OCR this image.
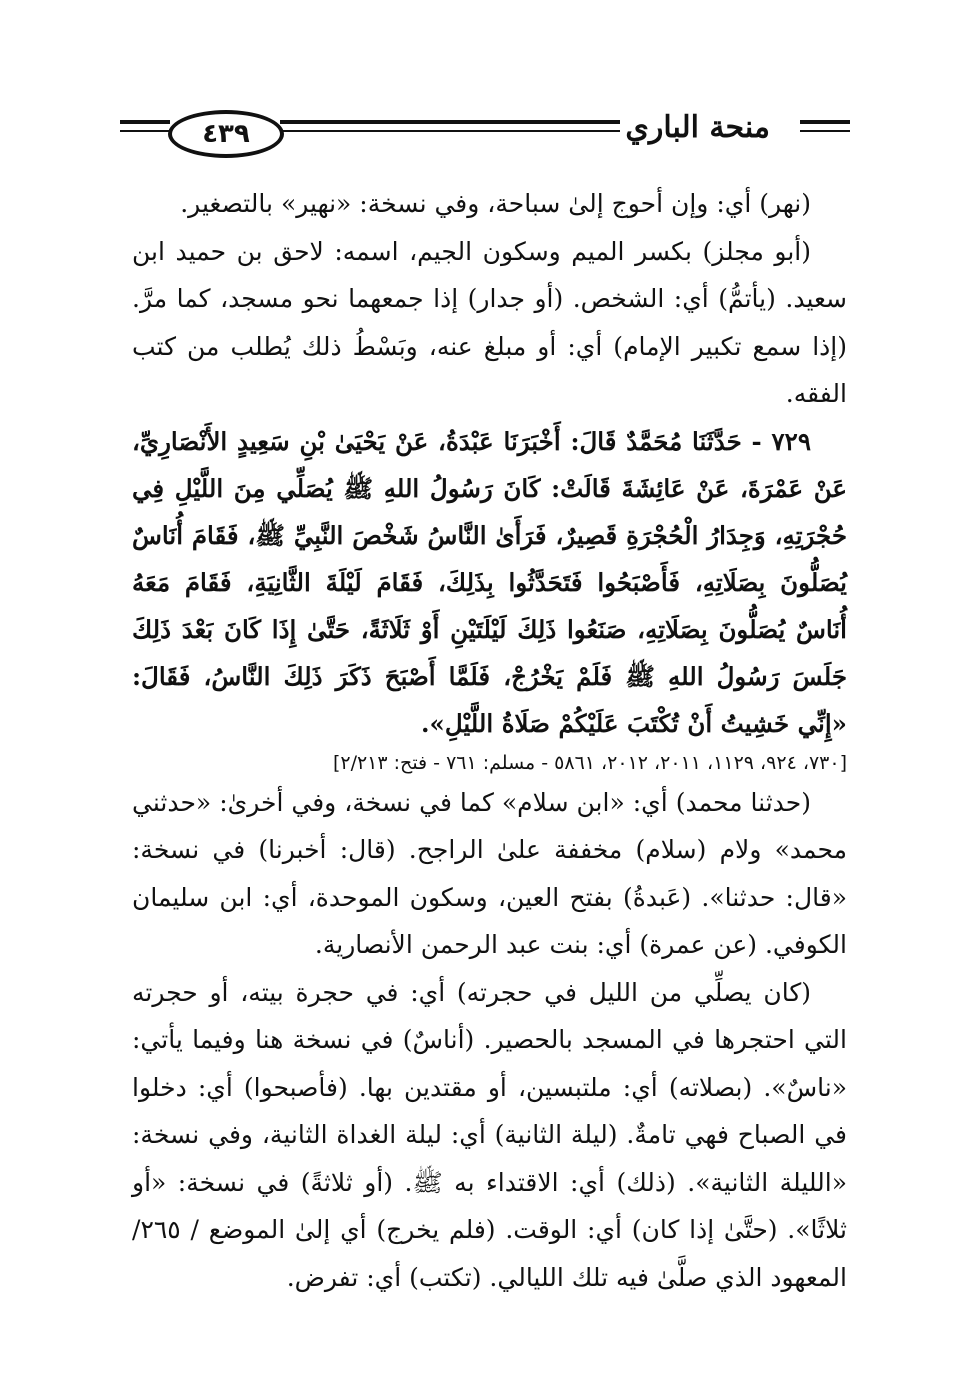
منحة الباري
٤٣٩

(نهر) أي: وإن أحوج إلىٰ سباحة، وفي نسخة: «نهير» بالتصغير.

(أبو مجلز) بكسر الميم وسكون الجيم، اسمه: لاحق بن حميد ابن سعيد. (يأتمُّ) أي: الشخص. (أو جدار) إذا جمعهما نحو مسجد، كما مرَّ. (إذا سمع تكبير الإمام) أي: أو مبلغ عنه، وبَسْطُ ذلك يُطلب من كتب الفقه.

٧٢٩ - حَدَّثَنَا مُحَمَّدٌ قَالَ: أَخْبَرَنَا عَبْدَةُ، عَنْ يَحْيَىٰ بْنِ سَعِيدٍ الأَنْصَارِيِّ، عَنْ عَمْرَةَ، عَنْ عَائِشَةَ قَالَتْ: كَانَ رَسُولُ اللهِ ﷺ يُصَلِّي مِنَ اللَّيْلِ فِي حُجْرَتِهِ، وَجِدَارُ الْحُجْرَةِ قَصِيرٌ، فَرَأَىٰ النَّاسُ شَخْصَ النَّبِيِّ ﷺ، فَقَامَ أُنَاسٌ يُصَلُّونَ بِصَلَاتِهِ، فَأَصْبَحُوا فَتَحَدَّثُوا بِذَلِكَ، فَقَامَ لَيْلَةَ الثَّانِيَةِ، فَقَامَ مَعَهُ أُنَاسٌ يُصَلُّونَ بِصَلَاتِهِ، صَنَعُوا ذَلِكَ لَيْلَتَيْنِ أَوْ ثَلَاثَةً، حَتَّىٰ إِذَا كَانَ بَعْدَ ذَلِكَ جَلَسَ رَسُولُ اللهِ ﷺ فَلَمْ يَخْرُجْ، فَلَمَّا أَصْبَحَ ذَكَرَ ذَلِكَ النَّاسُ، فَقَالَ: «إِنِّي خَشِيتُ أَنْ تُكْتَبَ عَلَيْكُمْ صَلَاةُ اللَّيْلِ».

[٧٣٠، ٩٢٤، ١١٢٩، ٢٠١١، ٢٠١٢، ٥٨٦١ - مسلم: ٧٦١ - فتح: ٢/٢١٣]

(حدثنا محمد) أي: «ابن سلام» كما في نسخة، وفي أخرىٰ: «حدثني محمد» ولام (سلام) مخففة علىٰ الراجح. (قال: أخبرنا) في نسخة: «قال: حدثنا». (عَبدةُ) بفتح العين، وسكون الموحدة، أي: ابن سليمان الكوفي. (عن عمرة) أي: بنت عبد الرحمن الأنصارية.

(كان يصلِّي من الليل في حجرته) أي: في حجرة بيته، أو حجرته التي احتجرها في المسجد بالحصير. (أناسٌ) في نسخة هنا وفيما يأتي: «ناسٌ». (بصلاته) أي: ملتبسين، أو مقتدين بها. (فأصبحوا) أي: دخلوا في الصباح فهي تامةٌ. (ليلة الثانية) أي: ليلة الغداة الثانية، وفي نسخة: «الليلة الثانية». (ذلك) أي: الاقتداء به ﷺ. (أو ثلاثةً) في نسخة: «أو ثلاثًا». (حتَّىٰ إذا كان) أي: الوقت. (فلم يخرج) أي إلىٰ الموضع / ٢٦٥/ المعهود الذي صلَّىٰ فيه تلك الليالي. (تكتب) أي: تفرض.
